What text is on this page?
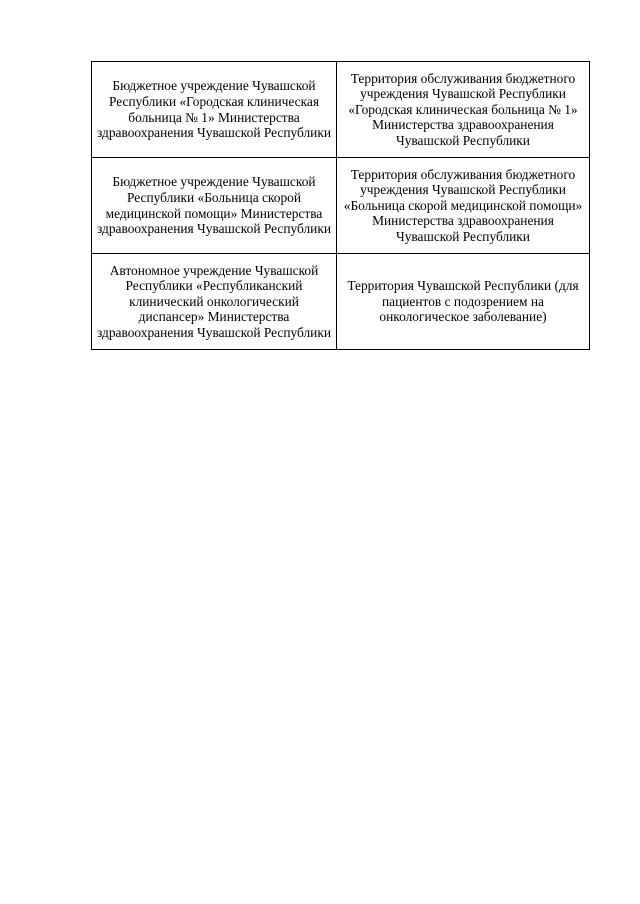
Бюджетное учреждение Чувашской Республики «Городская клиническая больница № 1» Министерства здравоохранения Чувашской Республики	Территория обслуживания бюджетного учреждения Чувашской Республики «Городская клиническая больница № 1» Министерства здравоохранения Чувашской Республики

Бюджетное учреждение Чувашской Республики «Больница скорой медицинской помощи» Министерства здравоохранения Чувашской Республики	Территория обслуживания бюджетного учреждения Чувашской Республики «Больница скорой медицинской помощи» Министерства здравоохранения Чувашской Республики

Автономное учреждение Чувашской Республики «Республиканский клинический онкологический диспансер» Министерства здравоохранения Чувашской Республики	Территория Чувашской Республики (для пациентов с подозрением на онкологическое заболевание)
